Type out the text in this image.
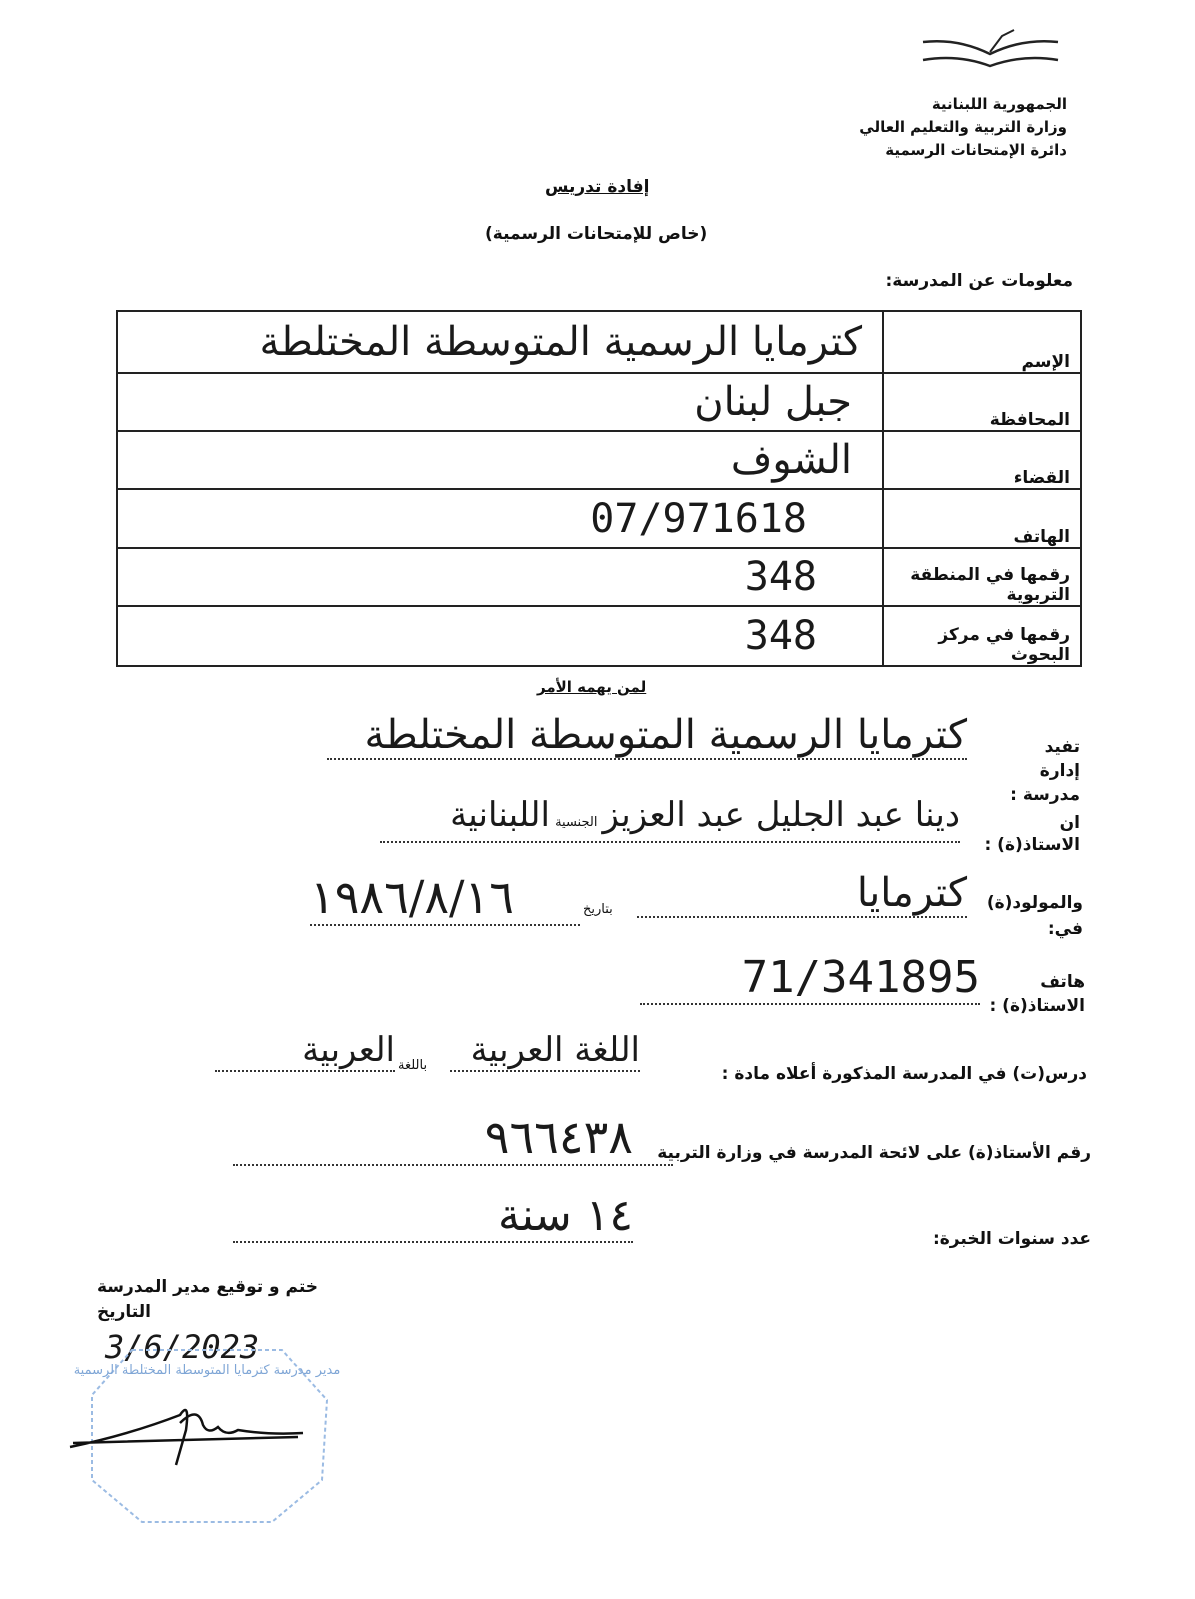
الجمهورية اللبنانية
وزارة التربية والتعليم العالي
دائرة الإمتحانات الرسمية
إفادة تدريس
(خاص للإمتحانات الرسمية)
معلومات عن المدرسة:
الإسم	كترمايا الرسمية المتوسطة المختلطة
المحافظة	جبل لبنان
القضاء	الشوف
الهاتف	07/971618
رقمها في المنطقة التربوية	348
رقمها في مركز البحوث	348
لمن يهمه الأمر
تفيد إدارة مدرسة :
كترمايا الرسمية المتوسطة المختلطة
ان الاستاذ(ة) :
دينا عبد الجليل عبد العزيز الجنسية اللبنانية
والمولود(ة) في:
كترمايا
بتاريخ
١٩٨٦/٨/١٦
هاتف الاستاذ(ة) :
71/341895
درس(ت) في المدرسة المذكورة أعلاه مادة :
اللغة العربية
باللغة
العربية
رقم الأستاذ(ة) على لائحة المدرسة في وزارة التربية
٩٦٦٤٣٨
عدد سنوات الخبرة:
١٤ سنة
ختم و توقيع مدير المدرسة
التاريخ
3/6/2023
مدير مدرسة كترمايا المتوسطة المختلطة الرسمية
